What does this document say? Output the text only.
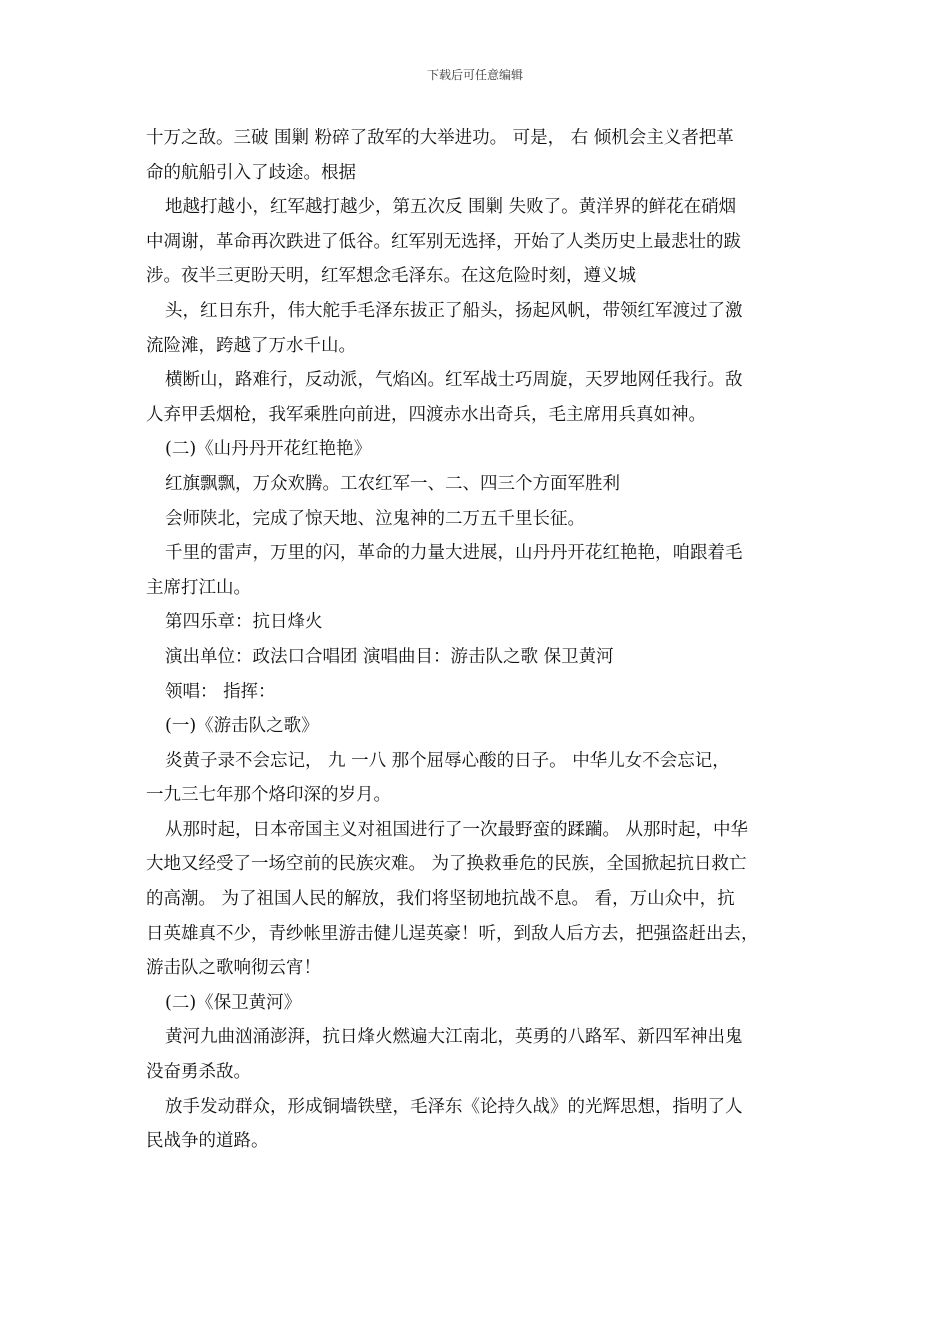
下载后可任意编辑

十万之敌。三破 围剿 粉碎了敌军的大举进功。 可是， 右 倾机会主义者把革

命的航船引入了歧途。根据

地越打越小，红军越打越少，第五次反 围剿 失败了。黄洋界的鲜花在硝烟

中凋谢，革命再次跌进了低谷。红军别无选择，开始了人类历史上最悲壮的跋

涉。夜半三更盼天明，红军想念毛泽东。在这危险时刻，遵义城

头，红日东升，伟大舵手毛泽东拔正了船头，扬起风帆，带领红军渡过了激

流险滩，跨越了万水千山。

横断山，路难行，反动派，气焰凶。红军战士巧周旋，天罗地网任我行。敌

人弃甲丢烟枪，我军乘胜向前进，四渡赤水出奇兵，毛主席用兵真如神。

(二)《山丹丹开花红艳艳》

红旗飘飘，万众欢腾。工农红军一、二、四三个方面军胜利

会师陕北，完成了惊天地、泣鬼神的二万五千里长征。

千里的雷声，万里的闪，革命的力量大进展，山丹丹开花红艳艳，咱跟着毛

主席打江山。

第四乐章：抗日烽火

演出单位：政法口合唱团 演唱曲目：游击队之歌 保卫黄河

领唱： 指挥：

(一)《游击队之歌》

炎黄子录不会忘记， 九 一八 那个屈辱心酸的日子。 中华儿女不会忘记，

一九三七年那个烙印深的岁月。

从那时起，日本帝国主义对祖国进行了一次最野蛮的蹂躏。 从那时起，中华

大地又经受了一场空前的民族灾难。 为了换救垂危的民族，全国掀起抗日救亡

的高潮。 为了祖国人民的解放，我们将坚韧地抗战不息。 看，万山众中，抗

日英雄真不少，青纱帐里游击健儿逞英豪！听，到敌人后方去，把强盗赶出去，

游击队之歌响彻云宵！

(二)《保卫黄河》

黄河九曲汹涌澎湃，抗日烽火燃遍大江南北，英勇的八路军、新四军神出鬼

没奋勇杀敌。

放手发动群众，形成铜墙铁壁，毛泽东《论持久战》的光辉思想，指明了人

民战争的道路。
